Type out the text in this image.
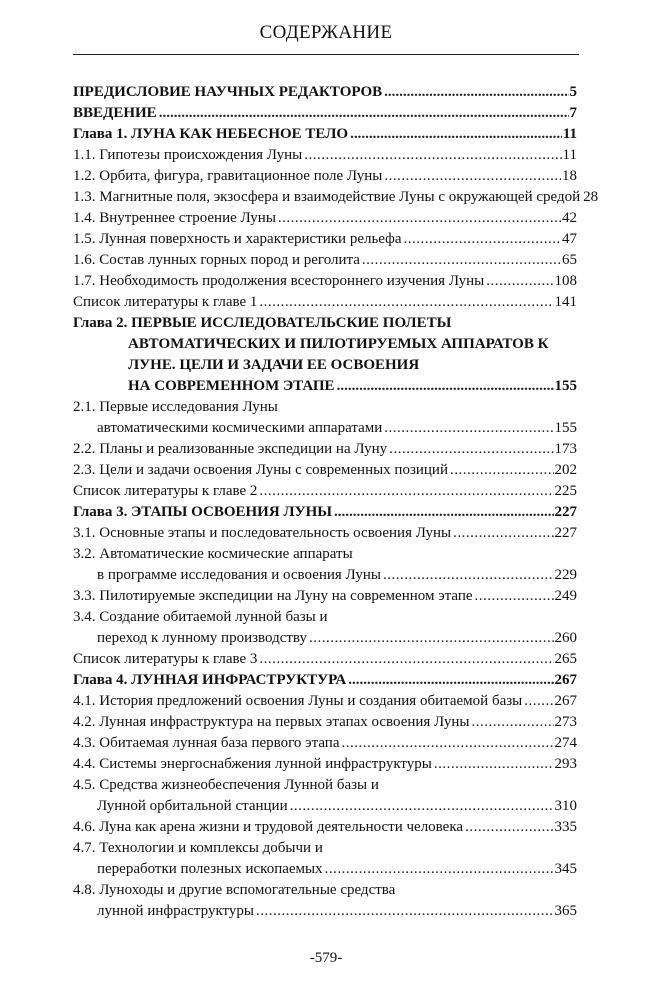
СОДЕРЖАНИЕ
ПРЕДИСЛОВИЕ НАУЧНЫХ РЕДАКТОРОВ .....	5
ВВЕДЕНИЕ .....	7
Глава 1. ЛУНА КАК НЕБЕСНОЕ ТЕЛО .....	11
1.1. Гипотезы происхождения Луны .....	11
1.2. Орбита, фигура, гравитационное поле Луны .....	18
1.3. Магнитные поля, экзосфера и взаимодействие Луны с окружающей средой 28
1.4. Внутреннее строение Луны .....	42
1.5. Лунная поверхность и характеристики рельефа .....	47
1.6. Состав лунных горных пород и реголита .....	65
1.7. Необходимость продолжения всестороннего изучения Луны .....	108
Список литературы к главе 1 .....	141
Глава 2. ПЕРВЫЕ ИССЛЕДОВАТЕЛЬСКИЕ ПОЛЕТЫ
АВТОМАТИЧЕСКИХ И ПИЛОТИРУЕМЫХ АППАРАТОВ К
ЛУНЕ. ЦЕЛИ И ЗАДАЧИ ЕЕ ОСВОЕНИЯ
НА СОВРЕМЕННОМ ЭТАПЕ .....	155
2.1. Первые исследования Луны
автоматическими космическими аппаратами .....	155
2.2. Планы и реализованные экспедиции на Луну .....	173
2.3. Цели и задачи освоения Луны с современных позиций .....	202
Список литературы к главе 2 .....	225
Глава 3. ЭТАПЫ ОСВОЕНИЯ ЛУНЫ .....	227
3.1. Основные этапы и последовательность освоения Луны .....	227
3.2. Автоматические космические аппараты
в программе исследования и освоения Луны .....	229
3.3. Пилотируемые экспедиции на Луну на современном этапе .....	249
3.4. Создание обитаемой лунной базы и
переход к лунному производству .....	260
Список литературы к главе 3 .....	265
Глава 4. ЛУННАЯ ИНФРАСТРУКТУРА .....	267
4.1. История предложений освоения Луны и создания обитаемой базы ..... 267
4.2. Лунная инфраструктура на первых этапах освоения Луны .....	273
4.3. Обитаемая лунная база первого этапа .....	274
4.4. Системы энергоснабжения лунной инфраструктуры .....	293
4.5. Средства жизнеобеспечения Лунной базы и
Лунной орбитальной станции .....	310
4.6. Луна как арена жизни и трудовой деятельности человека .....	335
4.7. Технологии и комплексы добычи и
переработки полезных ископаемых .....	345
4.8. Луноходы и другие вспомогательные средства
лунной инфраструктуры .....	365
-579-
